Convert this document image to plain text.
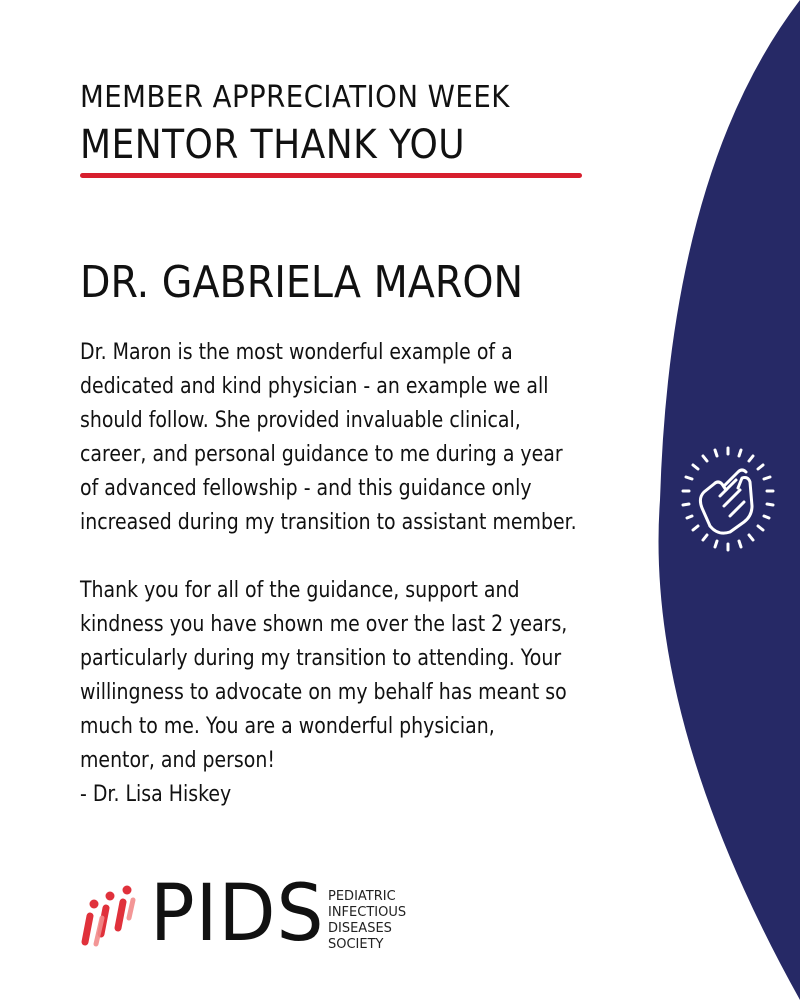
MEMBER APPRECIATION WEEK
MENTOR THANK YOU
DR. GABRIELA MARON

Dr. Maron is the most wonderful example of a

dedicated and kind physician - an example we all

should follow. She provided invaluable clinical,

career, and personal guidance to me during a year

of advanced fellowship - and this guidance only

increased during my transition to assistant member.

Thank you for all of the guidance, support and

kindness you have shown me over the last 2 years,

particularly during my transition to attending. Your

willingness to advocate on my behalf has meant so

much to me. You are a wonderful physician,

mentor, and person!

- Dr. Lisa Hiskey

PIDS PEDIATRIC
INFECTIOUS
DISEASES
SOCIETY
